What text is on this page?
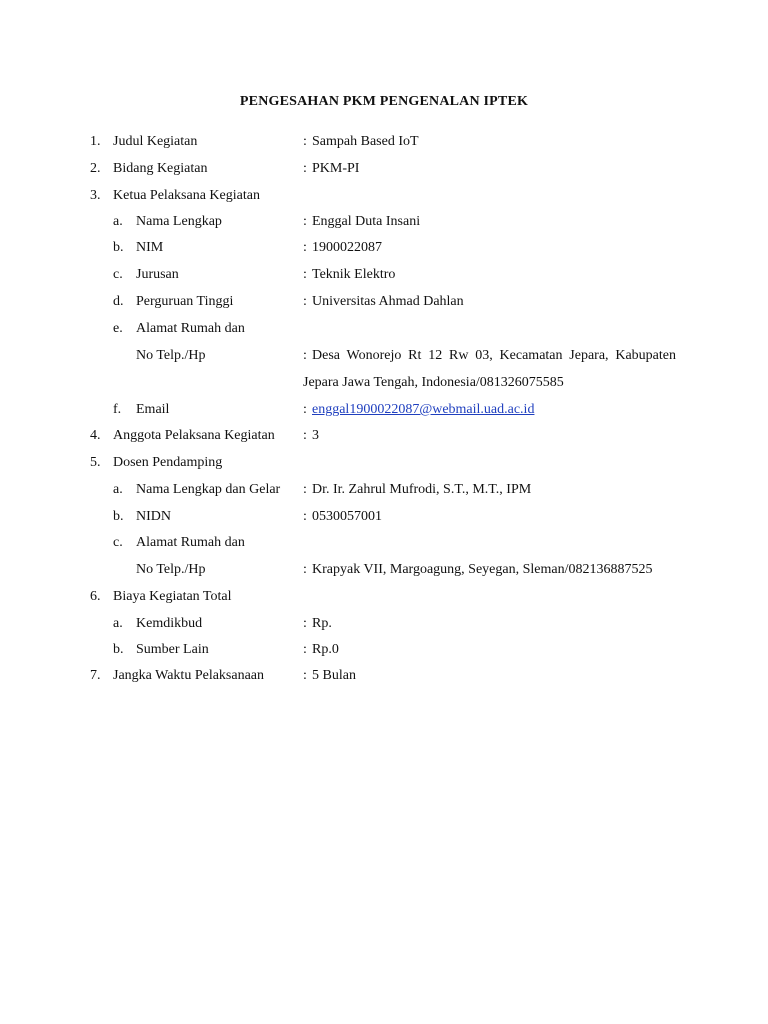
PENGESAHAN PKM PENGENALAN IPTEK
1. Judul Kegiatan	: Sampah Based IoT
2. Bidang Kegiatan	: PKM-PI
3. Ketua Pelaksana Kegiatan
a. Nama Lengkap	: Enggal Duta Insani
b. NIM	: 1900022087
c. Jurusan	: Teknik Elektro
d. Perguruan Tinggi	: Universitas Ahmad Dahlan
e. Alamat Rumah dan
No Telp./Hp	: Desa Wonorejo Rt 12 Rw 03, Kecamatan Jepara, Kabupaten
Jepara Jawa Tengah, Indonesia/081326075585
f.	Email	: enggal1900022087@webmail.uad.ac.id
4. Anggota Pelaksana Kegiatan : 3
5. Dosen Pendamping
a. Nama Lengkap dan Gelar : Dr. Ir. Zahrul Mufrodi, S.T., M.T., IPM
b. NIDN	: 0530057001
c. Alamat Rumah dan
No Telp./Hp	: Krapyak VII, Margoagung, Seyegan, Sleman/082136887525
6. Biaya Kegiatan Total
a. Kemdikbud	: Rp.
b. Sumber Lain	: Rp.0
7. Jangka Waktu Pelaksanaan	: 5 Bulan
